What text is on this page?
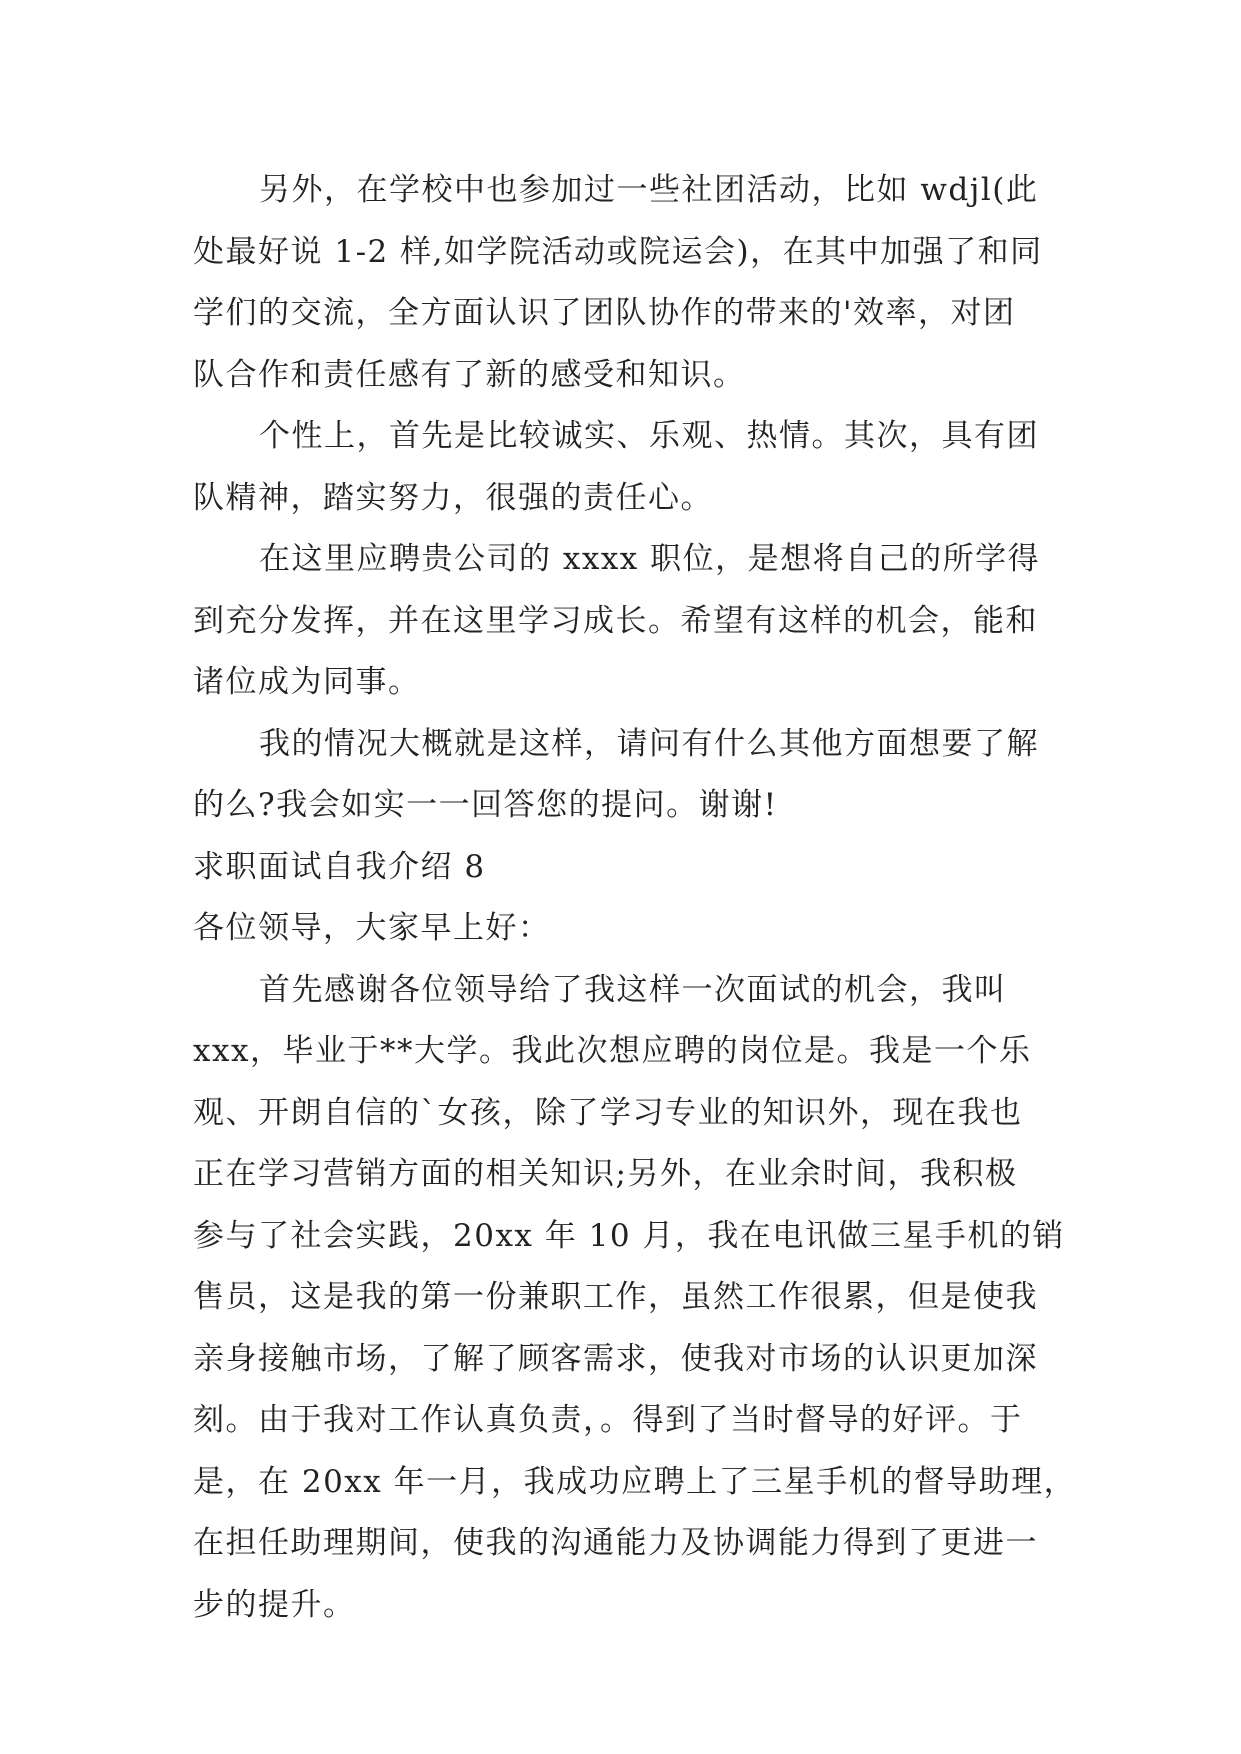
另外，在学校中也参加过一些社团活动，比如 wdjl(此
处最好说 1-2 样,如学院活动或院运会)，在其中加强了和同
学们的交流，全方面认识了团队协作的带来的'效率，对团
队合作和责任感有了新的感受和知识。
个性上，首先是比较诚实、乐观、热情。其次，具有团
队精神，踏实努力，很强的责任心。
在这里应聘贵公司的 xxxx 职位，是想将自己的所学得
到充分发挥，并在这里学习成长。希望有这样的机会，能和
诸位成为同事。
我的情况大概就是这样，请问有什么其他方面想要了解
的么?我会如实一一回答您的提问。谢谢!
求职面试自我介绍 8
各位领导，大家早上好：
首先感谢各位领导给了我这样一次面试的机会，我叫
xxx，毕业于**大学。我此次想应聘的岗位是。我是一个乐
观、开朗自信的`女孩，除了学习专业的知识外，现在我也
正在学习营销方面的相关知识;另外，在业余时间，我积极
参与了社会实践，20xx 年 10 月，我在电讯做三星手机的销
售员，这是我的第一份兼职工作，虽然工作很累，但是使我
亲身接触市场，了解了顾客需求，使我对市场的认识更加深
刻。由于我对工作认真负责，。得到了当时督导的好评。于
是，在 20xx 年一月，我成功应聘上了三星手机的督导助理，
在担任助理期间，使我的沟通能力及协调能力得到了更进一
步的提升。
